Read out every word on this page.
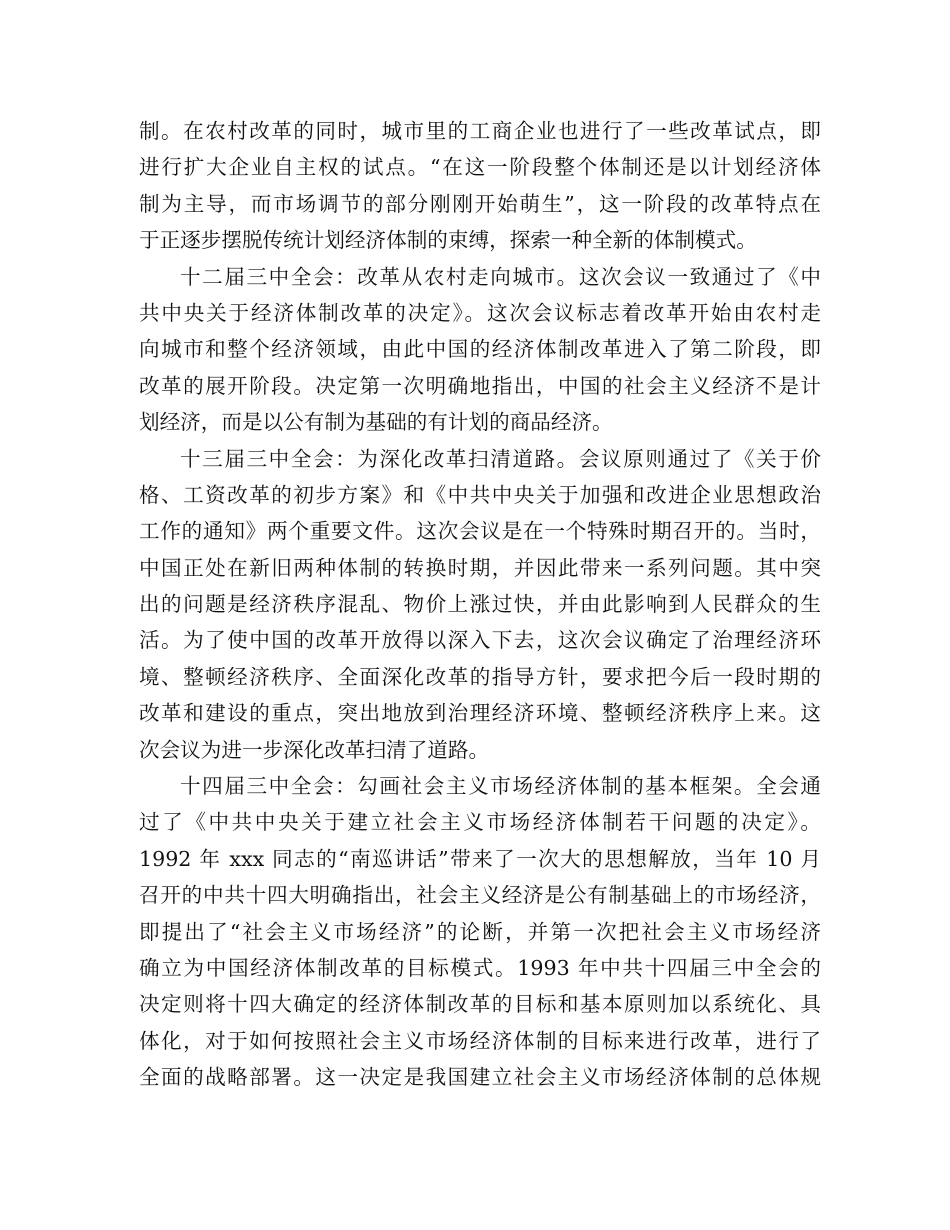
制。在农村改革的同时，城市里的工商企业也进行了一些改革试点，即
进行扩大企业自主权的试点。“在这一阶段整个体制还是以计划经济体
制为主导，而市场调节的部分刚刚开始萌生”，这一阶段的改革特点在
于正逐步摆脱传统计划经济体制的束缚，探索一种全新的体制模式。
十二届三中全会：改革从农村走向城市。这次会议一致通过了《中
共中央关于经济体制改革的决定》。这次会议标志着改革开始由农村走
向城市和整个经济领域，由此中国的经济体制改革进入了第二阶段，即
改革的展开阶段。决定第一次明确地指出，中国的社会主义经济不是计
划经济，而是以公有制为基础的有计划的商品经济。
十三届三中全会：为深化改革扫清道路。会议原则通过了《关于价
格、工资改革的初步方案》和《中共中央关于加强和改进企业思想政治
工作的通知》两个重要文件。这次会议是在一个特殊时期召开的。当时，
中国正处在新旧两种体制的转换时期，并因此带来一系列问题。其中突
出的问题是经济秩序混乱、物价上涨过快，并由此影响到人民群众的生
活。为了使中国的改革开放得以深入下去，这次会议确定了治理经济环
境、整顿经济秩序、全面深化改革的指导方针，要求把今后一段时期的
改革和建设的重点，突出地放到治理经济环境、整顿经济秩序上来。这
次会议为进一步深化改革扫清了道路。
十四届三中全会：勾画社会主义市场经济体制的基本框架。全会通
过了《中共中央关于建立社会主义市场经济体制若干问题的决定》。
1992 年 xxx 同志的“南巡讲话”带来了一次大的思想解放，当年 10 月
召开的中共十四大明确指出，社会主义经济是公有制基础上的市场经济，
即提出了“社会主义市场经济”的论断，并第一次把社会主义市场经济
确立为中国经济体制改革的目标模式。1993 年中共十四届三中全会的
决定则将十四大确定的经济体制改革的目标和基本原则加以系统化、具
体化，对于如何按照社会主义市场经济体制的目标来进行改革，进行了
全面的战略部署。这一决定是我国建立社会主义市场经济体制的总体规
